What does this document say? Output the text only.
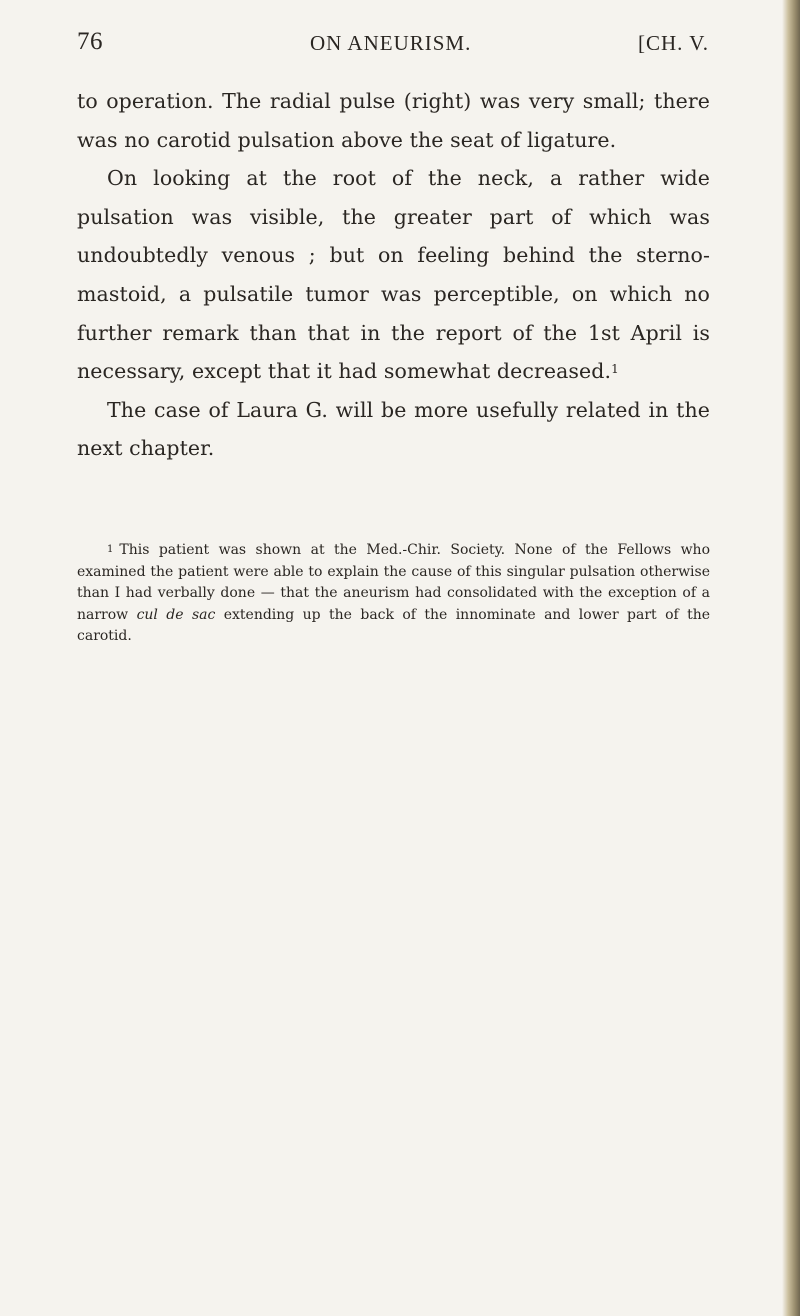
76	ON ANEURISM.	[CH. V.

to operation. The radial pulse (right) was very small; there was no carotid pulsation above the seat of ligature.

On looking at the root of the neck, a rather wide pulsation was visible, the greater part of which was undoubtedly venous ; but on feeling behind the sterno-mastoid, a pulsatile tumor was perceptible, on which no further remark than that in the report of the 1st April is necessary, except that it had somewhat decreased.$^1$

The case of Laura G. will be more usefully related in the next chapter.

$^1$ This patient was shown at the Med.-Chir. Society. None of the Fellows who examined the patient were able to explain the cause of this singular pulsation otherwise than I had verbally done — that the aneurism had consolidated with the exception of a narrow cul de sac extending up the back of the innominate and lower part of the carotid.
